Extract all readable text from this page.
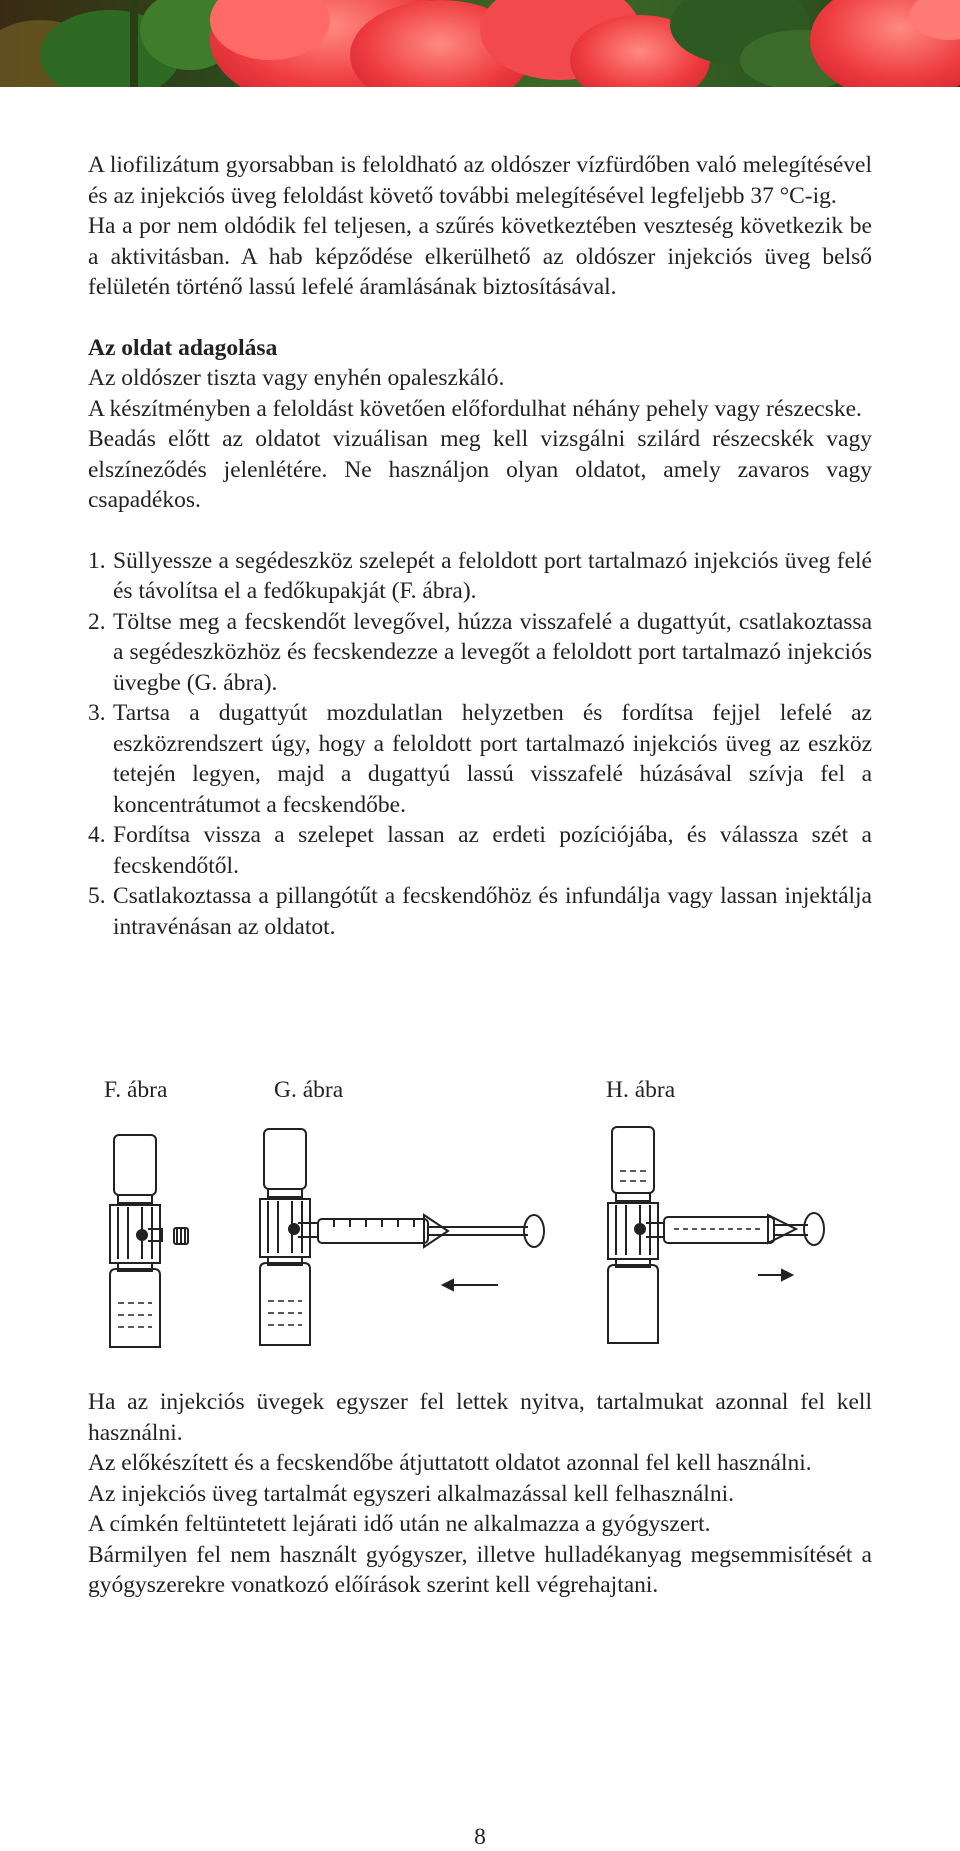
A liofilizátum gyorsabban is feloldható az oldószer vízfürdőben való melegítésével és az injekciós üveg feloldást követő további melegítésével legfeljebb 37 °C-ig.

Ha a por nem oldódik fel teljesen, a szűrés következtében veszteség következik be a aktivitásban. A hab képződése elkerülhető az oldószer injekciós üveg belső felületén történő lassú lefelé áramlásának biztosításával.

Az oldat adagolása

Az oldószer tiszta vagy enyhén opaleszkáló.

A készítményben a feloldást követően előfordulhat néhány pehely vagy részecske.

Beadás előtt az oldatot vizuálisan meg kell vizsgálni szilárd részecskék vagy elszíneződés jelenlétére. Ne használjon olyan oldatot, amely zavaros vagy csapadékos.

1. Süllyessze a segédeszköz szelepét a feloldott port tartalmazó injekciós üveg felé és távolítsa el a fedőkupakját (F. ábra).
2. Töltse meg a fecskendőt levegővel, húzza visszafelé a dugattyút, csatlakoztassa a segédeszközhöz és fecskendezze a levegőt a feloldott port tartalmazó injekciós üvegbe (G. ábra).
3. Tartsa a dugattyút mozdulatlan helyzetben és fordítsa fejjel lefelé az eszközrendszert úgy, hogy a feloldott port tartalmazó injekciós üveg az eszköz tetején legyen, majd a dugattyú lassú visszafelé húzásával szívja fel a koncentrátumot a fecskendőbe.
4. Fordítsa vissza a szelepet lassan az erdeti pozíciójába, és válassza szét a fecskendőtől.
5. Csatlakoztassa a pillangótűt a fecskendőhöz és infundálja vagy lassan injektálja intravénásan az oldatot.
F. ábra	G. ábra	H. ábra

Ha az injekciós üvegek egyszer fel lettek nyitva, tartalmukat azonnal fel kell használni.

Az előkészített és a fecskendőbe átjuttatott oldatot azonnal fel kell használni.

Az injekciós üveg tartalmát egyszeri alkalmazással kell felhasználni.

A címkén feltüntetett lejárati idő után ne alkalmazza a gyógyszert.

Bármilyen fel nem használt gyógyszer, illetve hulladékanyag megsemmisítését a gyógyszerekre vonatkozó előírások szerint kell végrehajtani.

8
